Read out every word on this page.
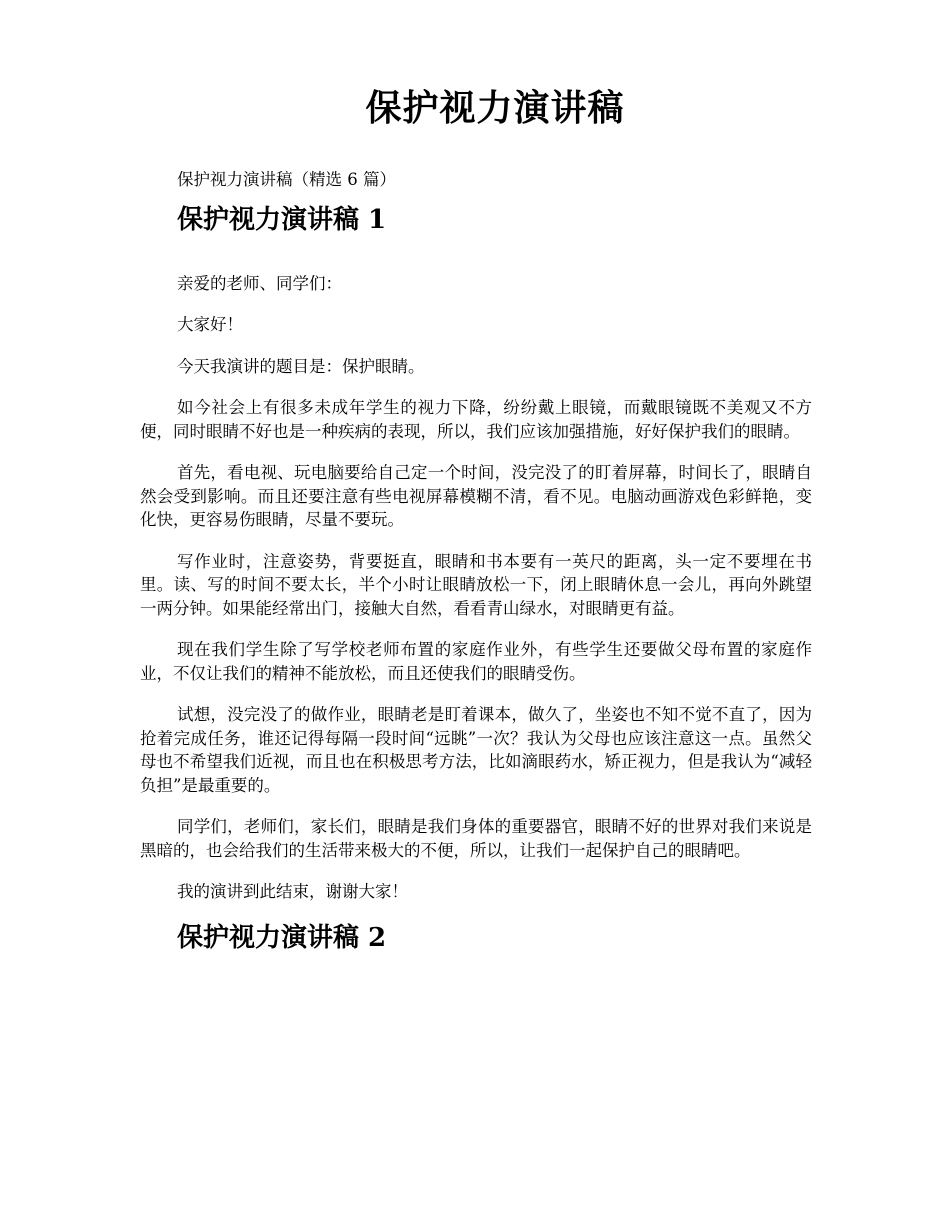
保护视力演讲稿

保护视力演讲稿（精选 6 篇）

保护视力演讲稿 1

亲爱的老师、同学们：

大家好！

今天我演讲的题目是：保护眼睛。

如今社会上有很多未成年学生的视力下降，纷纷戴上眼镜，而戴眼镜既不美观又不方便，同时眼睛不好也是一种疾病的表现，所以，我们应该加强措施，好好保护我们的眼睛。

首先，看电视、玩电脑要给自己定一个时间，没完没了的盯着屏幕，时间长了，眼睛自然会受到影响。而且还要注意有些电视屏幕模糊不清，看不见。电脑动画游戏色彩鲜艳，变化快，更容易伤眼睛，尽量不要玩。

写作业时，注意姿势，背要挺直，眼睛和书本要有一英尺的距离，头一定不要埋在书里。读、写的时间不要太长，半个小时让眼睛放松一下，闭上眼睛休息一会儿，再向外跳望一两分钟。如果能经常出门，接触大自然，看看青山绿水，对眼睛更有益。

现在我们学生除了写学校老师布置的家庭作业外，有些学生还要做父母布置的家庭作业，不仅让我们的精神不能放松，而且还使我们的眼睛受伤。

试想，没完没了的做作业，眼睛老是盯着课本，做久了，坐姿也不知不觉不直了，因为抢着完成任务，谁还记得每隔一段时间“远眺”一次？我认为父母也应该注意这一点。虽然父母也不希望我们近视，而且也在积极思考方法，比如滴眼药水，矫正视力，但是我认为“减轻负担”是最重要的。

同学们，老师们，家长们，眼睛是我们身体的重要器官，眼睛不好的世界对我们来说是黑暗的，也会给我们的生活带来极大的不便，所以，让我们一起保护自己的眼睛吧。

我的演讲到此结束，谢谢大家！

保护视力演讲稿 2
